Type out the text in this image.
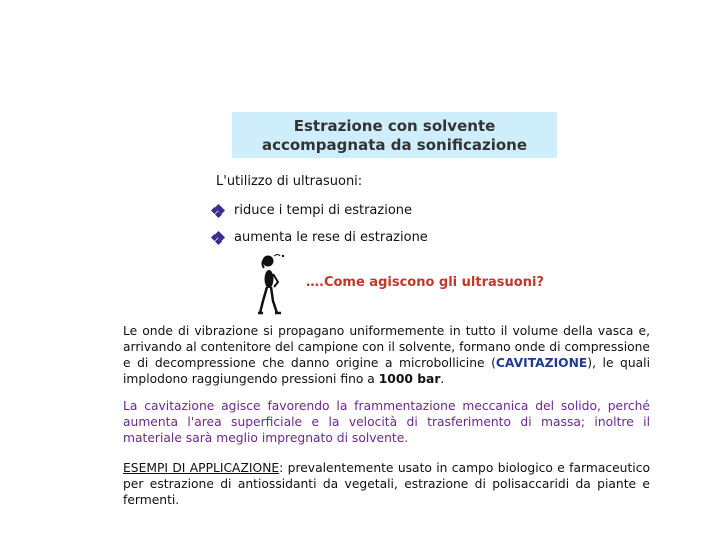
Estrazione con solvente
accompagnata da sonificazione
L'utilizzo di ultrasuoni:
riduce i tempi di estrazione
aumenta le rese di estrazione
….Come agiscono gli ultrasuoni?
Le onde di vibrazione si propagano uniformemente in tutto il volume della vasca e, arrivando al contenitore del campione con il solvente, formano onde di compressione e di decompressione che danno origine a microbollicine (CAVITAZIONE), le quali implodono raggiungendo pressioni fino a 1000 bar.
La cavitazione agisce favorendo la frammentazione meccanica del solido, perché aumenta l'area superficiale e la velocità di trasferimento di massa; inoltre il materiale sarà meglio impregnato di solvente.
ESEMPI DI APPLICAZIONE: prevalentemente usato in campo biologico e farmaceutico per estrazione di antiossidanti da vegetali, estrazione di polisaccaridi da piante e fermenti.
